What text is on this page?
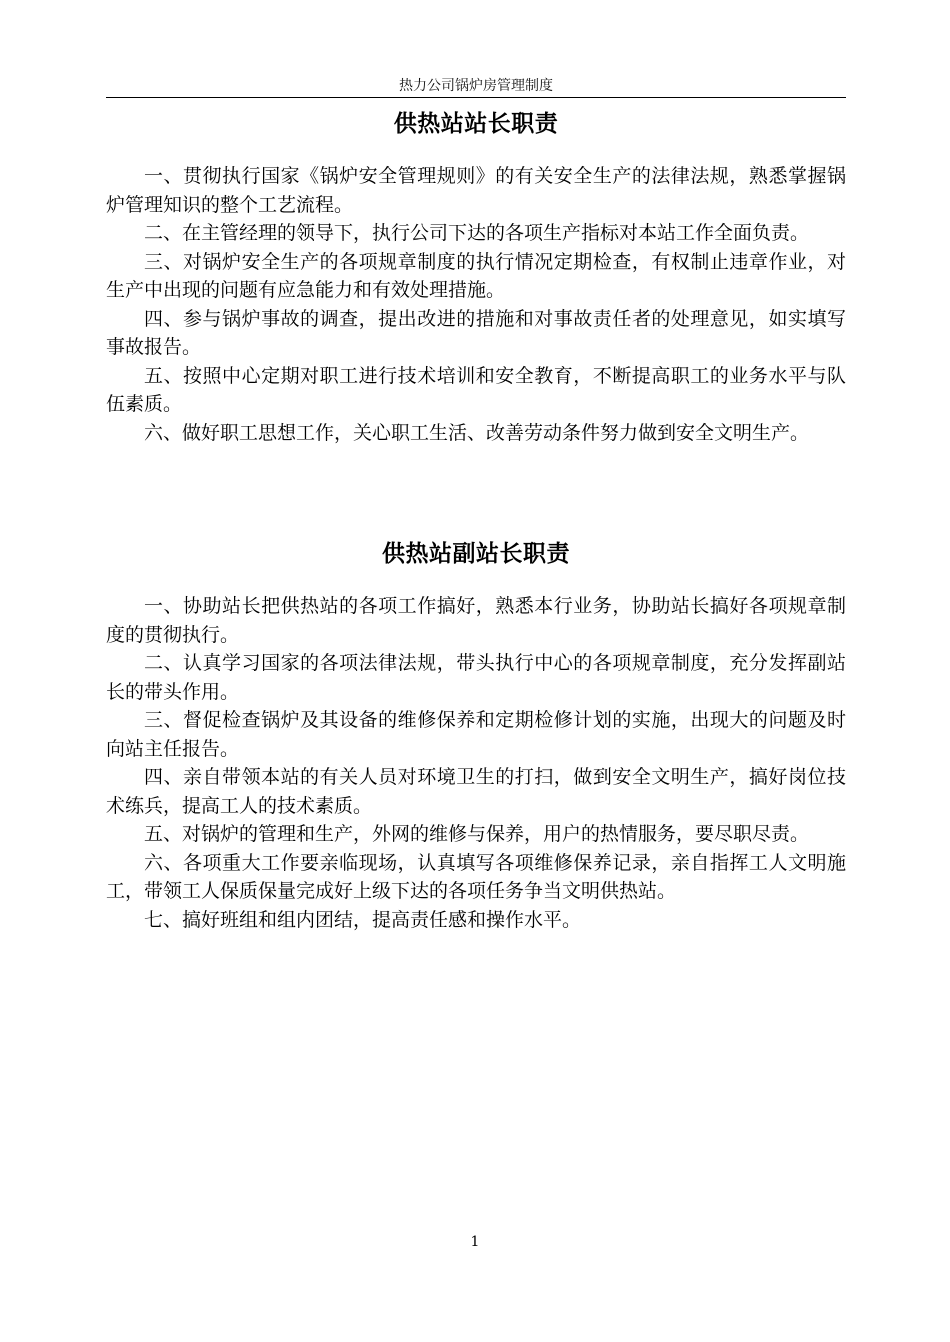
热力公司锅炉房管理制度
供热站站长职责

一、贯彻执行国家《锅炉安全管理规则》的有关安全生产的法律法规，熟悉掌握锅炉管理知识的整个工艺流程。

二、在主管经理的领导下，执行公司下达的各项生产指标对本站工作全面负责。

三、对锅炉安全生产的各项规章制度的执行情况定期检查，有权制止违章作业，对生产中出现的问题有应急能力和有效处理措施。

四、参与锅炉事故的调查，提出改进的措施和对事故责任者的处理意见，如实填写事故报告。

五、按照中心定期对职工进行技术培训和安全教育，不断提高职工的业务水平与队伍素质。

六、做好职工思想工作，关心职工生活、改善劳动条件努力做到安全文明生产。

供热站副站长职责

一、协助站长把供热站的各项工作搞好，熟悉本行业务，协助站长搞好各项规章制度的贯彻执行。

二、认真学习国家的各项法律法规，带头执行中心的各项规章制度，充分发挥副站长的带头作用。

三、督促检查锅炉及其设备的维修保养和定期检修计划的实施，出现大的问题及时向站主任报告。

四、亲自带领本站的有关人员对环境卫生的打扫，做到安全文明生产，搞好岗位技术练兵，提高工人的技术素质。

五、对锅炉的管理和生产，外网的维修与保养，用户的热情服务，要尽职尽责。

六、各项重大工作要亲临现场，认真填写各项维修保养记录，亲自指挥工人文明施工，带领工人保质保量完成好上级下达的各项任务争当文明供热站。

七、搞好班组和组内团结，提高责任感和操作水平。

1
